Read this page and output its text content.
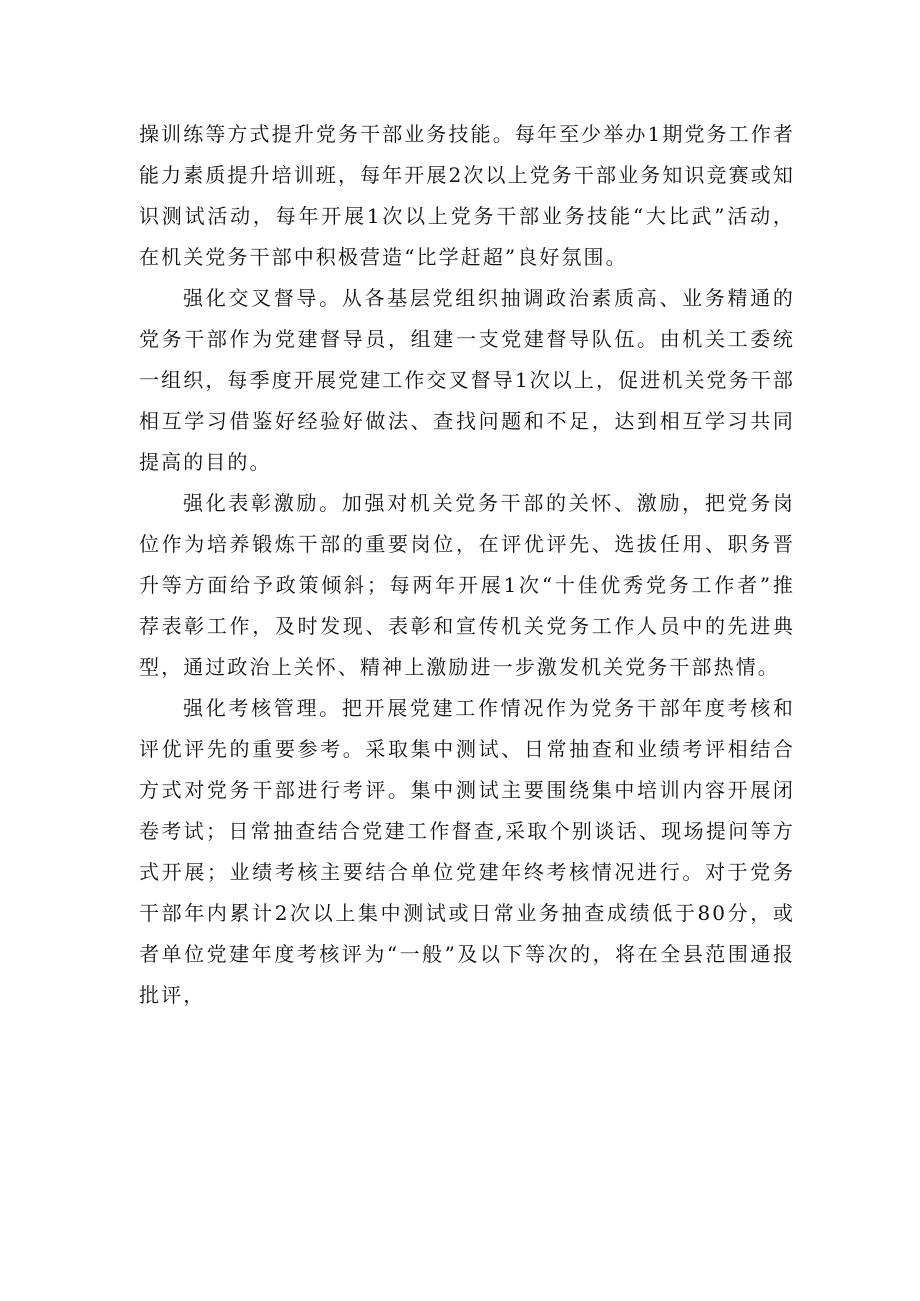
操训练等方式提升党务干部业务技能。每年至少举办1期党务工作者能力素质提升培训班，每年开展2次以上党务干部业务知识竞赛或知识测试活动，每年开展1次以上党务干部业务技能“大比武”活动，在机关党务干部中积极营造“比学赶超”良好氛围。

强化交叉督导。从各基层党组织抽调政治素质高、业务精通的党务干部作为党建督导员，组建一支党建督导队伍。由机关工委统一组织，每季度开展党建工作交叉督导1次以上，促进机关党务干部相互学习借鉴好经验好做法、查找问题和不足，达到相互学习共同提高的目的。

强化表彰激励。加强对机关党务干部的关怀、激励，把党务岗位作为培养锻炼干部的重要岗位，在评优评先、选拔任用、职务晋升等方面给予政策倾斜；每两年开展1次“十佳优秀党务工作者”推荐表彰工作，及时发现、表彰和宣传机关党务工作人员中的先进典型，通过政治上关怀、精神上激励进一步激发机关党务干部热情。

强化考核管理。把开展党建工作情况作为党务干部年度考核和评优评先的重要参考。采取集中测试、日常抽查和业绩考评相结合方式对党务干部进行考评。集中测试主要围绕集中培训内容开展闭卷考试；日常抽查结合党建工作督查,采取个别谈话、现场提问等方式开展；业绩考核主要结合单位党建年终考核情况进行。对于党务干部年内累计2次以上集中测试或日常业务抽查成绩低于80分，或者单位党建年度考核评为“一般”及以下等次的，将在全县范围通报批评，
